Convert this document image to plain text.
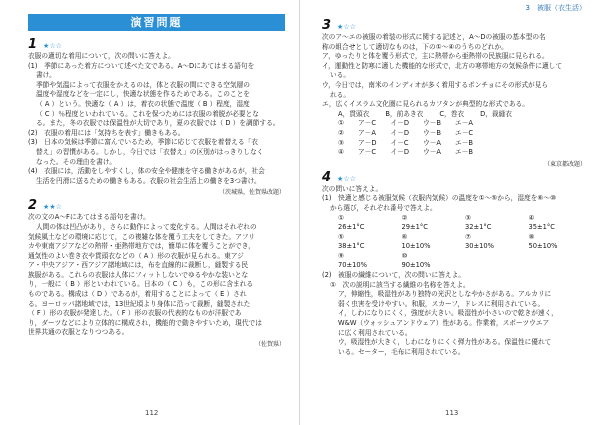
演習問題
1 ★☆☆

衣服の適切な着用について，次の問いに答えよ。

(1)　季節にあった着方について述べた文である。A～Dにあてはまる語句を

書け。

季節や気温によって衣服をかえるのは，体と衣服の間にできる空気層の

温度や湿度などを一定にし，快適な状態を作るためである。このことを

（ A ）という。快適な（ A ）は，着衣の状態で温度（ B ）程度，湿度

（ C ）％程度といわれている。これを保つためには衣服の着脱が必要とな

る。また，冬の衣服では保温性が大切であり，夏の衣服では（ D ）を調節する。

(2)　衣服の着用には「気持ちを表す」働きもある。

(3)　日本の気候は季節に富んでいるため，季節に応じて衣服を着替える「衣

替え」の習慣がある。しかし，今日では「衣替え」の区別がはっきりしなく

なった。その理由を書け。

(4)　衣服には，活動をしやすくし，体の安全や健康を守る働きがあるが，社会

生活を円滑に送るための働きもある。衣服の社会生活上の働きを3つ書け。

（茨城県，佐賀県改題）
2 ★★☆

次の文のA～Fにあてはまる語句を書け。

人間の体は凹凸があり，さらに動作によって変化する。人間はそれぞれの

気候風土などの環境に応じて，この複雑な体を覆う工夫をしてきた。アフリ

カや東南アジアなどの熱帯・亜熱帯地方では，簡単に体を覆うことができ，

通気性のよい巻き衣や貫頭衣などの（ A ）形の衣服が見られる。東アジ

ア・中央アジア・西アジア諸地域には，布を直線的に裁断し，縫製する民

族服がある。これらの衣服は人体にフィットしないでゆるやかな装いとな

り，一般に（ B ）形といわれている。日本の（ C ）も，この形に含まれる

ものである。構成は（ D ）であるが，着用することによって（ E ）され

る。ヨーロッパ諸地域では，13世紀頃より身体に沿って裁断，縫製された

（ F ）形の衣服が発達した。（ F ）形の衣服の代表的なものが洋服であ

り，ダーツなどにより立体的に構成され，機能的で動きやすいため，現代では

世界共通の衣服となりつつある。

（佐賀県）
112
3　被服（衣生活）
3 ★☆☆

次のア～エの被服の着装の形式に関する記述と，A～Dの被服の基本型の名

称の組合せとして適切なものは，下の①～④のうちのどれか。

ア，ゆったりと体を覆う形式で，主に熱帯から亜熱帯の民族服に見られる。

イ，運動性と防寒に適した機能的な形式で，北方の寒帯地方の気候条件に適して

いる。

ウ，今日では，南米のインディオが多く着用するポンチョにその形式が見ら

れる。

エ，広くイスラム文化圏に見られるカフタンが典型的な形式である。

A，貫頭衣	B，前あき衣	C，巻衣	D，裁縫衣
①	ア－C	イ－D	ウ－B	エ－A
②	ア－A	イ－D	ウ－B	エ－C
③	ア－D	イ－C	ウ－A	エ－B
④	ア－C	イ－D	ウ－A	エ－B
（東京都改題）
4 ★☆☆

次の問いに答えよ。

(1)　快適と感じる被服気候（衣服内気候）の温度を①～⑤から，湿度を⑥～⑩

から選び，それぞれ番号で答えよ。

① 26±1°C
② 29±1°C
③ 32±1°C
④ 35±1°C
⑤ 38±1°C
⑥ 10±10%
⑦ 30±10%
⑧ 50±10%
⑨ 70±10%
⑩ 90±10%

(2)　被服の繊維について，次の問いに答えよ。

①　次の説明に該当する繊維の名称を答えよ。

ア，伸縮性，吸湿性があり独特の光沢としなやかさがある。アルカリに

弱く虫害を受けやすい。和服，スカーフ，ドレスに利用されている。

イ，しわになりにくく，強度が大きい。吸湿性が小さいので乾きが速く，

W&W（ウォッシュアンドウェア）性がある。作業着，スポーツウエア

に広く利用されている。

ウ，吸湿性が大きく，しわになりにくく弾力性がある。保温性に優れて

いる。セーター，毛布に利用されている。

113
